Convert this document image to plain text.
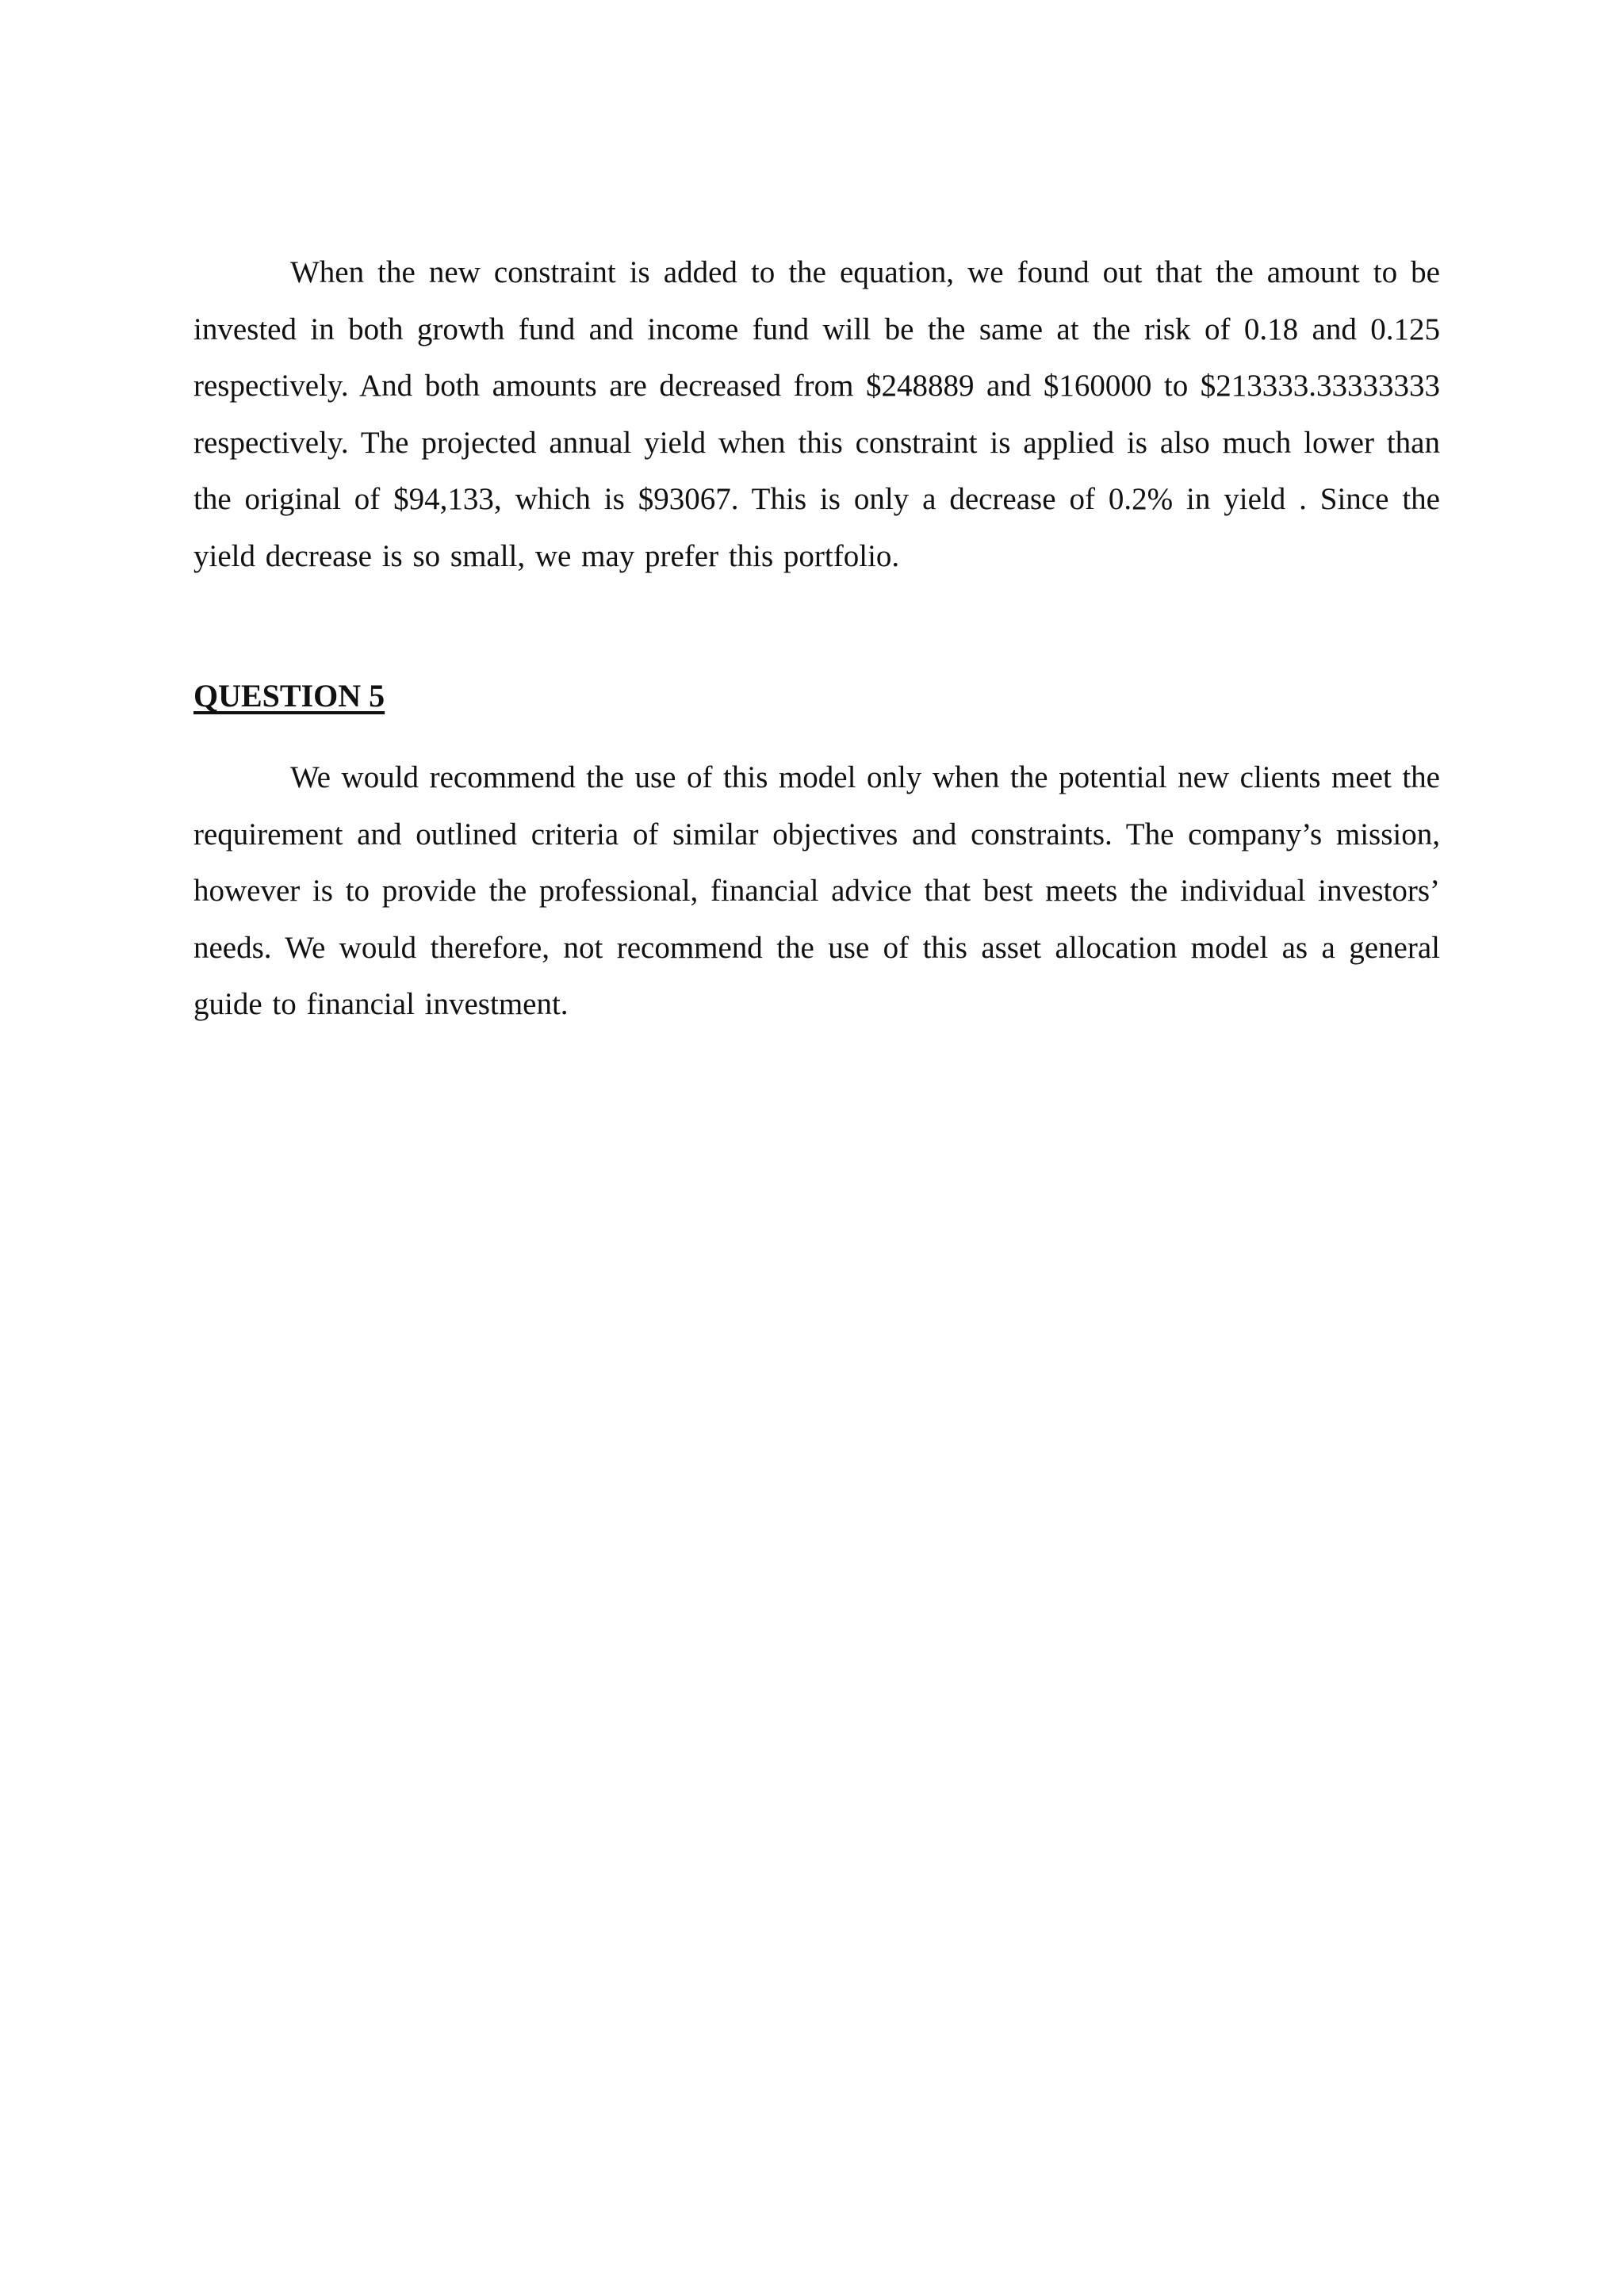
When the new constraint is added to the equation, we found out that the amount to be invested in both growth fund and income fund will be the same at the risk of 0.18 and 0.125 respectively. And both amounts are decreased from $248889 and $160000 to $213333.33333333 respectively. The projected annual yield when this constraint is applied is also much lower than the original of $94,133, which is $93067. This is only a decrease of 0.2% in yield . Since the yield decrease is so small, we may prefer this portfolio.

QUESTION 5

We would recommend the use of this model only when the potential new clients meet the requirement and outlined criteria of similar objectives and constraints. The company’s mission, however is to provide the professional, financial advice that best meets the individual investors’ needs. We would therefore, not recommend the use of this asset allocation model as a general guide to financial investment.
